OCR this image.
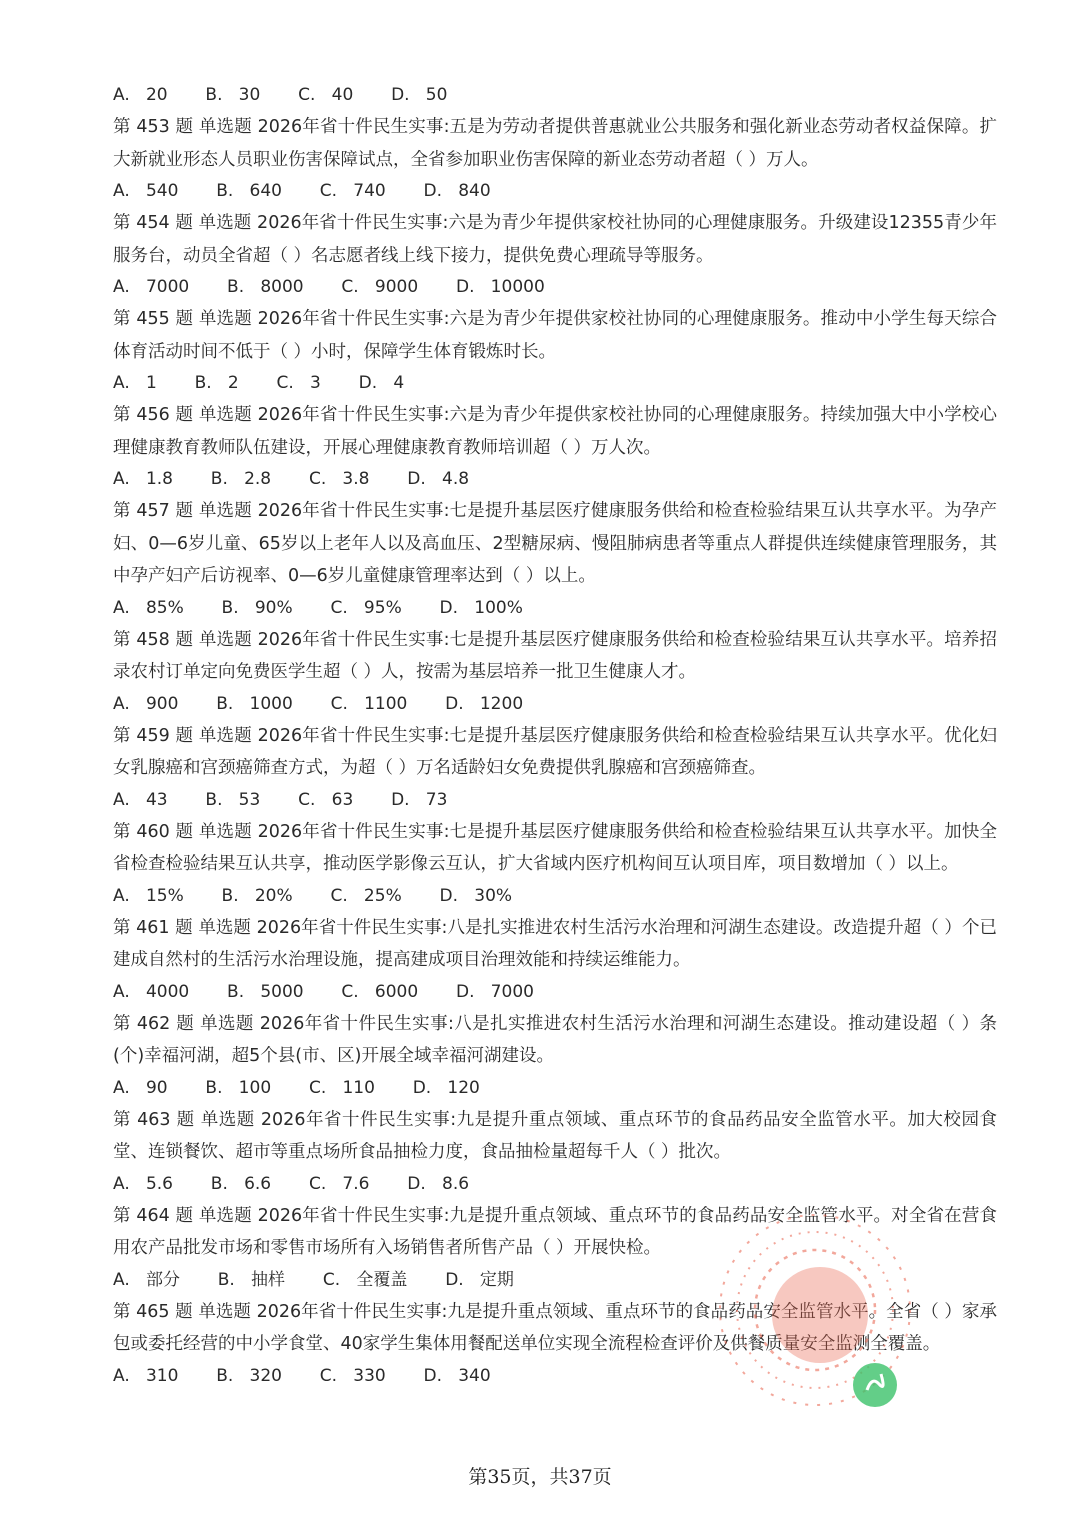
A.   20       B.   30       C.   40       D.   50

第 453 题 单选题 2026年省十件民生实事:五是为劳动者提供普惠就业公共服务和强化新业态劳动者权益保障。扩大新就业形态人员职业伤害保障试点，全省参加职业伤害保障的新业态劳动者超（ ）万人。

A.   540       B.   640       C.   740       D.   840

第 454 题 单选题 2026年省十件民生实事:六是为青少年提供家校社协同的心理健康服务。升级建设12355青少年服务台，动员全省超（ ）名志愿者线上线下接力，提供免费心理疏导等服务。

A.   7000       B.   8000       C.   9000       D.   10000

第 455 题 单选题 2026年省十件民生实事:六是为青少年提供家校社协同的心理健康服务。推动中小学生每天综合体育活动时间不低于（ ）小时，保障学生体育锻炼时长。

A.   1       B.   2       C.   3       D.   4

第 456 题 单选题 2026年省十件民生实事:六是为青少年提供家校社协同的心理健康服务。持续加强大中小学校心理健康教育教师队伍建设，开展心理健康教育教师培训超（ ）万人次。

A.   1.8       B.   2.8       C.   3.8       D.   4.8

第 457 题 单选题 2026年省十件民生实事:七是提升基层医疗健康服务供给和检查检验结果互认共享水平。为孕产妇、0—6岁儿童、65岁以上老年人以及高血压、2型糖尿病、慢阻肺病患者等重点人群提供连续健康管理服务，其中孕产妇产后访视率、0—6岁儿童健康管理率达到（ ）以上。

A.   85%       B.   90%       C.   95%       D.   100%

第 458 题 单选题 2026年省十件民生实事:七是提升基层医疗健康服务供给和检查检验结果互认共享水平。培养招录农村订单定向免费医学生超（ ）人，按需为基层培养一批卫生健康人才。

A.   900       B.   1000       C.   1100       D.   1200

第 459 题 单选题 2026年省十件民生实事:七是提升基层医疗健康服务供给和检查检验结果互认共享水平。优化妇女乳腺癌和宫颈癌筛查方式，为超（ ）万名适龄妇女免费提供乳腺癌和宫颈癌筛查。

A.   43       B.   53       C.   63       D.   73

第 460 题 单选题 2026年省十件民生实事:七是提升基层医疗健康服务供给和检查检验结果互认共享水平。加快全省检查检验结果互认共享，推动医学影像云互认，扩大省域内医疗机构间互认项目库，项目数增加（ ）以上。

A.   15%       B.   20%       C.   25%       D.   30%

第 461 题 单选题 2026年省十件民生实事:八是扎实推进农村生活污水治理和河湖生态建设。改造提升超（ ）个已建成自然村的生活污水治理设施，提高建成项目治理效能和持续运维能力。

A.   4000       B.   5000       C.   6000       D.   7000

第 462 题 单选题 2026年省十件民生实事:八是扎实推进农村生活污水治理和河湖生态建设。推动建设超（ ）条(个)幸福河湖，超5个县(市、区)开展全域幸福河湖建设。

A.   90       B.   100       C.   110       D.   120

第 463 题 单选题 2026年省十件民生实事:九是提升重点领域、重点环节的食品药品安全监管水平。加大校园食堂、连锁餐饮、超市等重点场所食品抽检力度，食品抽检量超每千人（ ）批次。

A.   5.6       B.   6.6       C.   7.6       D.   8.6

第 464 题 单选题 2026年省十件民生实事:九是提升重点领域、重点环节的食品药品安全监管水平。对全省在营食用农产品批发市场和零售市场所有入场销售者所售产品（ ）开展快检。

A.   部分       B.   抽样       C.   全覆盖       D.   定期

第 465 题 单选题 2026年省十件民生实事:九是提升重点领域、重点环节的食品药品安全监管水平。全省（ ）家承包或委托经营的中小学食堂、40家学生集体用餐配送单位实现全流程检查评价及供餐质量安全监测全覆盖。

A.   310       B.   320       C.   330       D.   340

第35页，共37页
